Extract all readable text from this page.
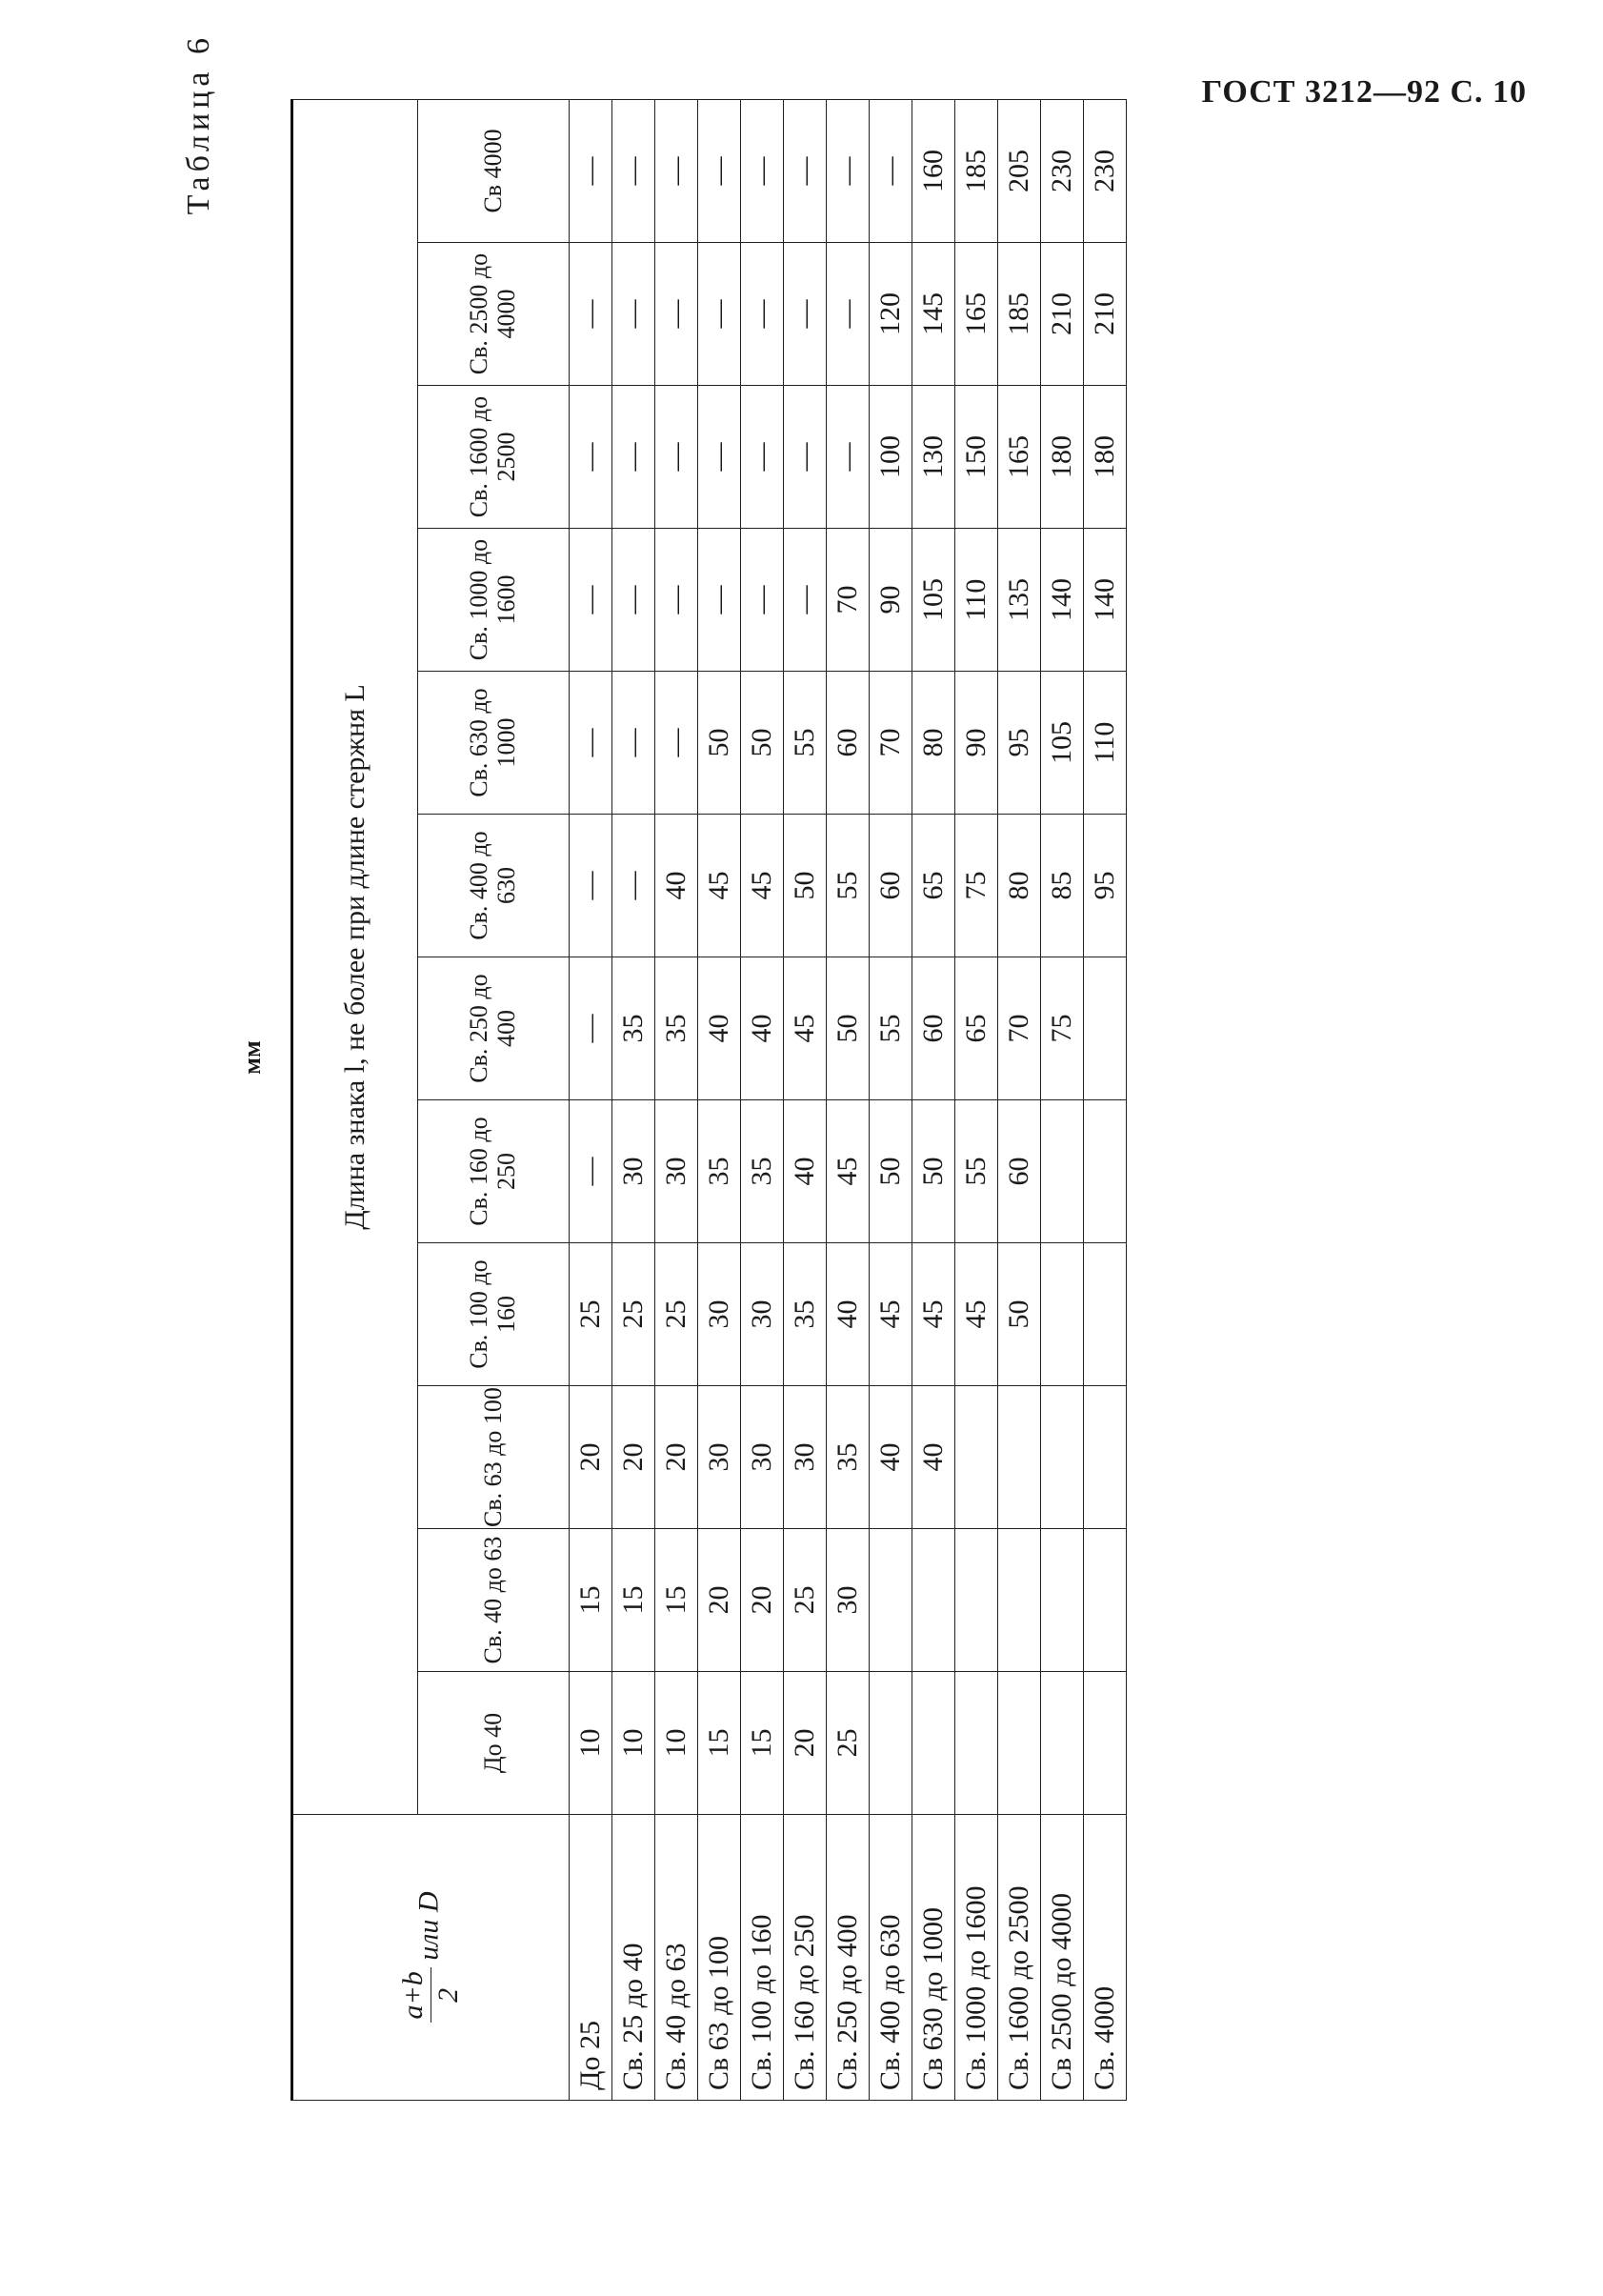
ГОСТ 3212—92 С. 10
Таблица 6
мм
a+b 2
или D	Длина знака l, не более при длине стержня L											
	До 40	Св. 40 до 63	Св. 63 до 100	Св. 100 до 160	Св. 160 до 250	Св. 250 до 400	Св. 400 до 630	Св. 630 до 1000	Св. 1000 до 1600	Св. 1600 до 2500	Св. 2500 до 4000	Св 4000
До 25	10	15	20	25	—	—	—	—	—	—	—	—
Св. 25 до 40	10	15	20	25	30	35	—	—	—	—	—	—
Св. 40 до 63	10	15	20	25	30	35	40	—	—	—	—	—
Св 63 до 100	15	20	30	30	35	40	45	50	—	—	—	—
Св. 100 до 160	15	20	30	30	35	40	45	50	—	—	—	—
Св. 160 до 250	20	25	30	35	40	45	50	55	—	—	—	—
Св. 250 до 400	25	30	35	40	45	50	55	60	70	—	—	—
Св. 400 до 630			40	45	50	55	60	70	90	100	120	—
Св 630 до 1000			40	45	50	60	65	80	105	130	145	160
Св. 1000 до 1600				45	55	65	75	90	110	150	165	185
Св. 1600 до 2500				50	60	70	80	95	135	165	185	205
Св 2500 до 4000						75	85	105	140	180	210	230
Св. 4000							95	110	140	180	210	230
